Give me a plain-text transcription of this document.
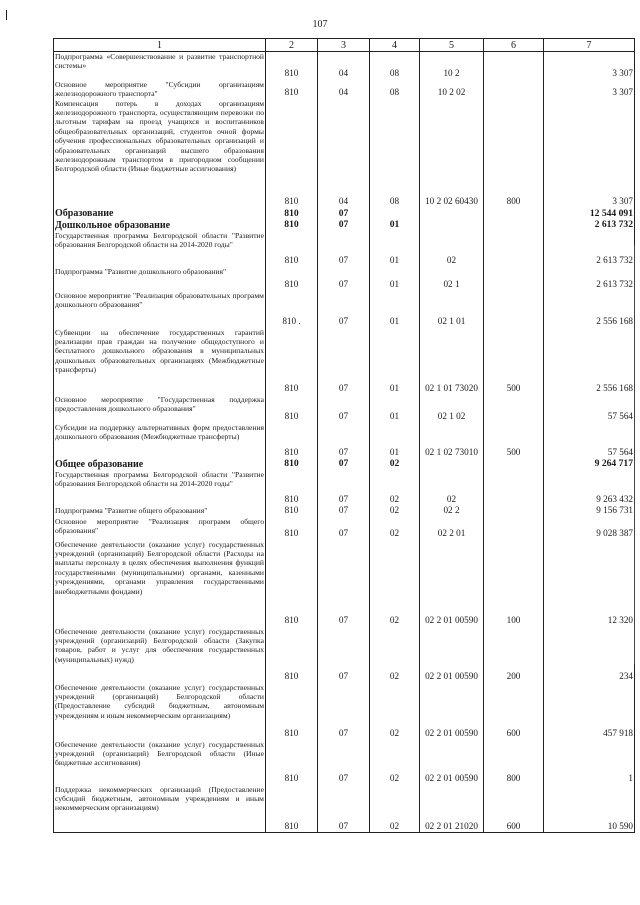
107
1	2	3	4	5	6	7
Подпрограмма «Совершенствование и развитие транспортной системы»	810	04	08	10 2		3 307
Основное мероприятие "Субсидии организациям железнодорожного транспорта"	810	04	08	10 2 02		3 307
Компенсация потерь в доходах организациям железнодорожного транспорта, осуществляющим перевозки по льготным тарифам на проезд учащихся и воспитанников общеобразовательных организаций, студентов очной формы обучения профессиональных образовательных организаций и образовательных организаций высшего образования железнодорожным транспортом в пригородном сообщении Белгородской области (Иные бюджетные ассигнования)	810	04	08	10 2 02 60430	800	3 307
Образование	810	07				12 544 091
Дошкольное образование	810	07	01			2 613 732
Государственная программа Белгородской области "Развитие образования Белгородской области на 2014-2020 годы"	810	07	01	02		2 613 732
Подпрограмма "Развитие дошкольного образования"	810	07	01	02 1		2 613 732
Основное мероприятие "Реализация образовательных программ дошкольного образования"	810 .	07	01	02 1 01		2 556 168
Субвенции на обеспечение государственных гарантий реализации прав граждан на получение общедоступного и бесплатного дошкольного образования в муниципальных дошкольных образовательных организациях (Межбюджетные трансферты)	810	07	01	02 1 01 73020	500	2 556 168
Основное мероприятие "Государственная поддержка предоставления дошкольного образования"	810	07	01	02 1 02		57 564
Субсидии на поддержку альтернативных форм предоставления дошкольного образования (Межбюджетные трансферты)	810	07	01	02 1 02 73010	500	57 564
Общее образование	810	07	02			9 264 717
Государственная программа Белгородской области "Развитие образования Белгородской области на 2014-2020 годы"	810	07	02	02		9 263 432
Подпрограмма "Развитие общего образования"	810	07	02	02 2		9 156 731
Основное мероприятие "Реализация программ общего образования"	810	07	02	02 2 01		9 028 387
Обеспечение деятельности (оказание услуг) государственных учреждений (организаций) Белгородской области (Расходы на выплаты персоналу в целях обеспечения выполнения функций государственными (муниципальными) органами, казенными учреждениями, органами управления государственными внебюджетными фондами)	810	07	02	02 2 01 00590	100	12 320
Обеспечение деятельности (оказание услуг) государственных учреждений (организаций) Белгородской области (Закупка товаров, работ и услуг для обеспечения государственных (муниципальных) нужд)	810	07	02	02 2 01 00590	200	234
Обеспечение деятельности (оказание услуг) государственных учреждений (организаций) Белгородской области (Предоставление субсидий бюджетным, автономным учреждениям и иным некоммерческим организациям)	810	07	02	02 2 01 00590	600	457 918
Обеспечение деятельности (оказание услуг) государственных учреждений (организаций) Белгородской области (Иные бюджетные ассигнования)	810	07	02	02 2 01 00590	800	1
Поддержка некоммерческих организаций (Предоставление субсидий бюджетным, автономным учреждениям и иным некоммерческим организациям)	810	07	02	02 2 01 21020	600	10 590
